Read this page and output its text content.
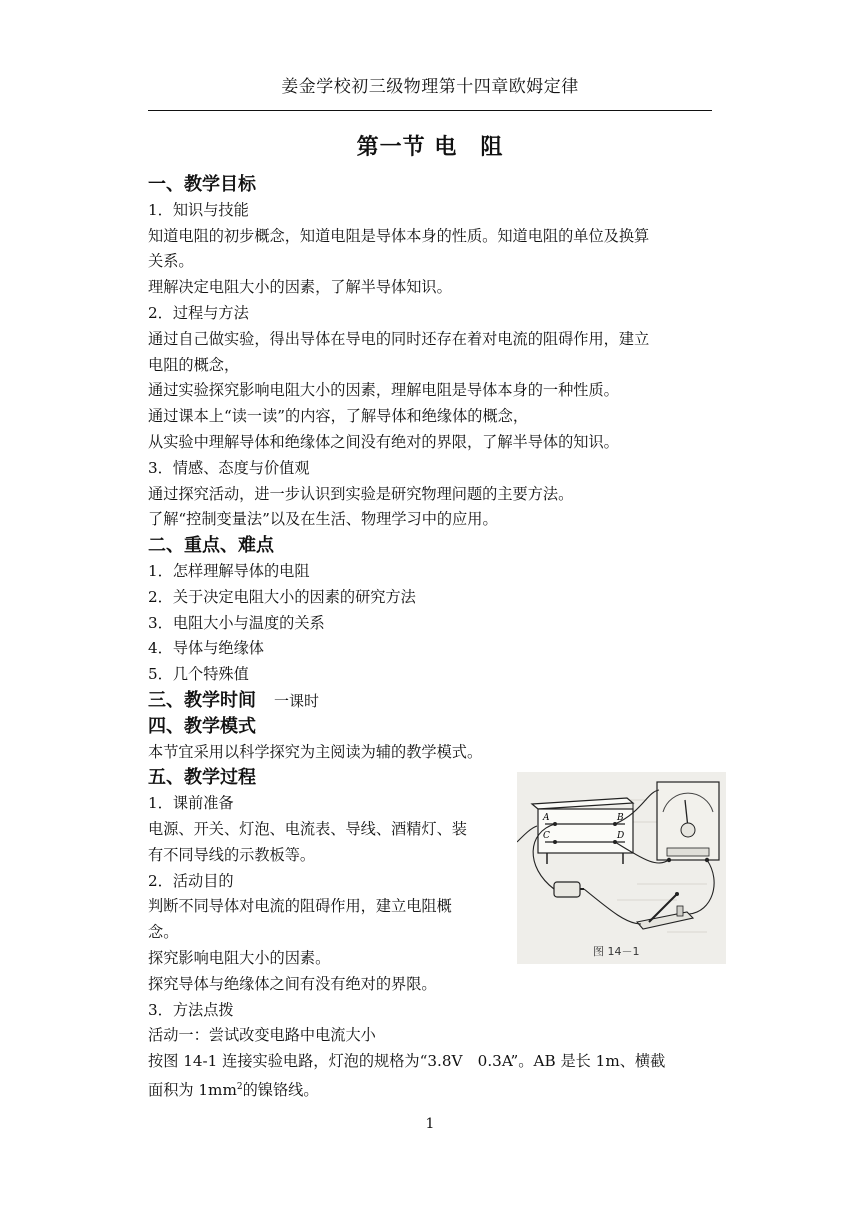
姜金学校初三级物理第十四章欧姆定律
第一节 电　阻
一、教学目标
1．知识与技能
知道电阻的初步概念，知道电阻是导体本身的性质。知道电阻的单位及换算
关系。
理解决定电阻大小的因素，了解半导体知识。
2．过程与方法
通过自己做实验，得出导体在导电的同时还存在着对电流的阻碍作用，建立
电阻的概念，
通过实验探究影响电阻大小的因素，理解电阻是导体本身的一种性质。
通过课本上“读一读”的内容，了解导体和绝缘体的概念，
从实验中理解导体和绝缘体之间没有绝对的界限，了解半导体的知识。
3．情感、态度与价值观
通过探究活动，进一步认识到实验是研究物理问题的主要方法。
了解“控制变量法”以及在生活、物理学习中的应用。
二、重点、难点
1．怎样理解导体的电阻
2．关于决定电阻大小的因素的研究方法
3．电阻大小与温度的关系
4．导体与绝缘体
5．几个特殊值
三、教学时间 一课时
四、教学模式
本节宜采用以科学探究为主阅读为辅的教学模式。
五、教学过程
1．课前准备
电源、开关、灯泡、电流表、导线、酒精灯、装
有不同导线的示教板等。
2．活动目的
判断不同导体对电流的阻碍作用，建立电阻概
念。
探究影响电阻大小的因素。
探究导体与绝缘体之间有没有绝对的界限。
3．方法点拨
活动一：尝试改变电路中电流大小
按图 14-1 连接实验电路，灯泡的规格为“3.8V　0.3A”。AB 是长 1m、横截
面积为 $1mm^2$的镍铬线。
A	B
C	D
图 14－1
1
